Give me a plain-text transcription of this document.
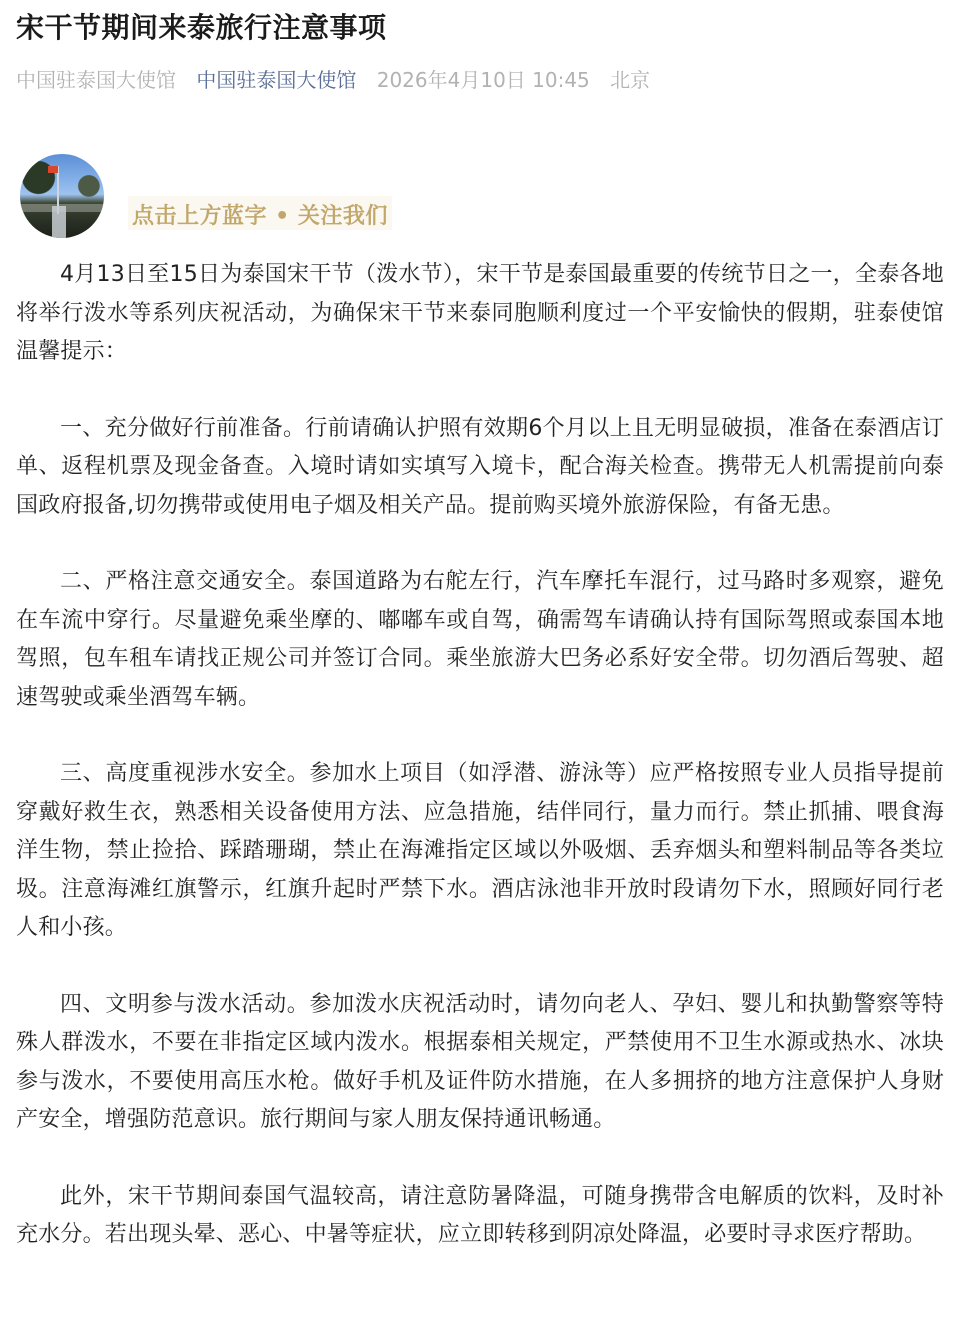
宋干节期间来泰旅行注意事项
中国驻泰国大使馆 中国驻泰国大使馆 2026年4月10日 10:45 北京
点击上方蓝字 • 关注我们

4月13日至15日为泰国宋干节（泼水节），宋干节是泰国最重要的传统节日之一，全泰各地将举行泼水等系列庆祝活动，为确保宋干节来泰同胞顺利度过一个平安愉快的假期，驻泰使馆温馨提示：

一、充分做好行前准备。行前请确认护照有效期6个月以上且无明显破损，准备在泰酒店订单、返程机票及现金备查。入境时请如实填写入境卡，配合海关检查。携带无人机需提前向泰国政府报备,切勿携带或使用电子烟及相关产品。提前购买境外旅游保险，有备无患。

二、严格注意交通安全。泰国道路为右舵左行，汽车摩托车混行，过马路时多观察，避免在车流中穿行。尽量避免乘坐摩的、嘟嘟车或自驾，确需驾车请确认持有国际驾照或泰国本地驾照，包车租车请找正规公司并签订合同。乘坐旅游大巴务必系好安全带。切勿酒后驾驶、超速驾驶或乘坐酒驾车辆。

三、高度重视涉水安全。参加水上项目（如浮潜、游泳等）应严格按照专业人员指导提前穿戴好救生衣，熟悉相关设备使用方法、应急措施，结伴同行，量力而行。禁止抓捕、喂食海洋生物，禁止捡拾、踩踏珊瑚，禁止在海滩指定区域以外吸烟、丢弃烟头和塑料制品等各类垃圾。注意海滩红旗警示，红旗升起时严禁下水。酒店泳池非开放时段请勿下水，照顾好同行老人和小孩。

四、文明参与泼水活动。参加泼水庆祝活动时，请勿向老人、孕妇、婴儿和执勤警察等特殊人群泼水，不要在非指定区域内泼水。根据泰相关规定，严禁使用不卫生水源或热水、冰块参与泼水，不要使用高压水枪。做好手机及证件防水措施，在人多拥挤的地方注意保护人身财产安全，增强防范意识。旅行期间与家人朋友保持通讯畅通。

此外，宋干节期间泰国气温较高，请注意防暑降温，可随身携带含电解质的饮料，及时补充水分。若出现头晕、恶心、中暑等症状，应立即转移到阴凉处降温，必要时寻求医疗帮助。
